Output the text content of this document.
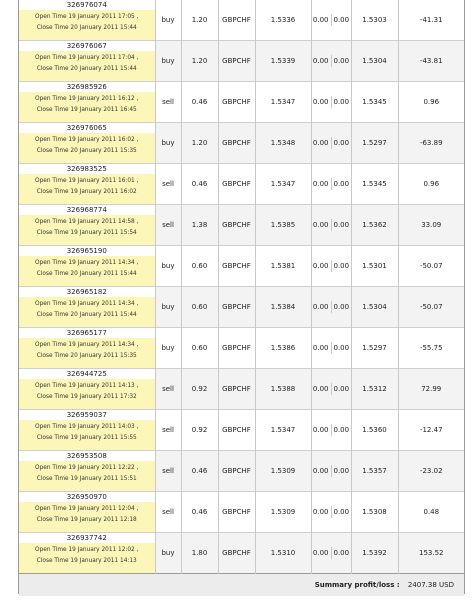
326976074
Open Time 19 January 2011 17:05 ,
Close Time 20 January 2011 15:44	buy	1.20	GBPCHF	1.5336	0.00 0.00	1.5303	-41.31

326976067
Open Time 19 January 2011 17:04 ,
Close Time 20 January 2011 15:44	buy	1.20	GBPCHF	1.5339	0.00 0.00	1.5304	-43.81

326985926
Open Time 19 January 2011 16:12 ,
Close Time 19 January 2011 16:45	sell	0.46	GBPCHF	1.5347	0.00 0.00	1.5345	0.96

326976065
Open Time 19 January 2011 16:02 ,
Close Time 20 January 2011 15:35	buy	1.20	GBPCHF	1.5348	0.00 0.00	1.5297	-63.89

326983525
Open Time 19 January 2011 16:01 ,
Close Time 19 January 2011 16:02	sell	0.46	GBPCHF	1.5347	0.00 0.00	1.5345	0.96

326968774
Open Time 19 January 2011 14:58 ,
Close Time 19 January 2011 15:54	sell	1.38	GBPCHF	1.5385	0.00 0.00	1.5362	33.09

326965190
Open Time 19 January 2011 14:34 ,
Close Time 20 January 2011 15:44	buy	0.60	GBPCHF	1.5381	0.00 0.00	1.5301	-50.07

326965182
Open Time 19 January 2011 14:34 ,
Close Time 20 January 2011 15:44	buy	0.60	GBPCHF	1.5384	0.00 0.00	1.5304	-50.07

326965177
Open Time 19 January 2011 14:34 ,
Close Time 20 January 2011 15:35	buy	0.60	GBPCHF	1.5386	0.00 0.00	1.5297	-55.75

326944725
Open Time 19 January 2011 14:13 ,
Close Time 19 January 2011 17:32	sell	0.92	GBPCHF	1.5388	0.00 0.00	1.5312	72.99

326959037
Open Time 19 January 2011 14:03 ,
Close Time 19 January 2011 15:55	sell	0.92	GBPCHF	1.5347	0.00 0.00	1.5360	-12.47

326953508
Open Time 19 January 2011 12:22 ,
Close Time 19 January 2011 15:51	sell	0.46	GBPCHF	1.5309	0.00 0.00	1.5357	-23.02

326950970
Open Time 19 January 2011 12:04 ,
Close Time 19 January 2011 12:18	sell	0.46	GBPCHF	1.5309	0.00 0.00	1.5308	0.48

326937742
Open Time 19 January 2011 12:02 ,
Close Time 19 January 2011 14:13	buy	1.80	GBPCHF	1.5310	0.00 0.00	1.5392	153.52
Summary profit/loss : 2407.38 USD							
